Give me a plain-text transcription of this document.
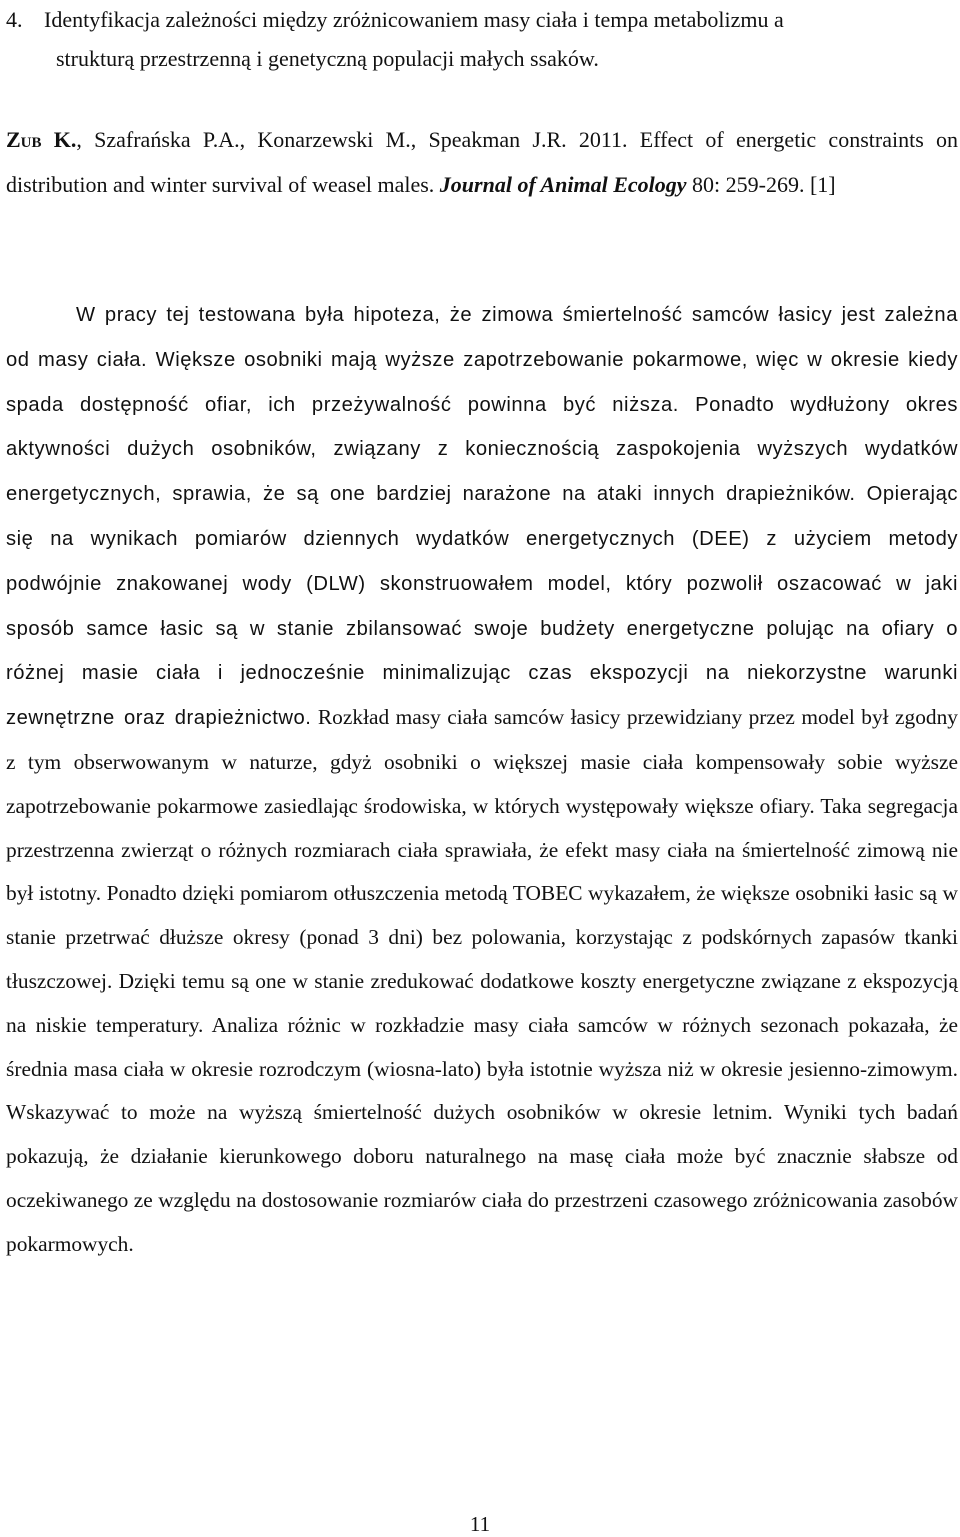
4. Identyfikacja zależności między zróżnicowaniem masy ciała i tempa metabolizmu a
strukturą przestrzenną i genetyczną populacji małych ssaków.

Zub K., Szafrańska P.A., Konarzewski M., Speakman J.R. 2011. Effect of energetic constraints on distribution and winter survival of weasel males. Journal of Animal Ecology 80: 259-269. [1]

W pracy tej testowana była hipoteza, że zimowa śmiertelność samców łasicy jest zależna od masy ciała. Większe osobniki mają wyższe zapotrzebowanie pokarmowe, więc w okresie kiedy spada dostępność ofiar, ich przeżywalność powinna być niższa. Ponadto wydłużony okres aktywności dużych osobników, związany z koniecznością zaspokojenia wyższych wydatków energetycznych, sprawia, że są one bardziej narażone na ataki innych drapieżników. Opierając się na wynikach pomiarów dziennych wydatków energetycznych (DEE) z użyciem metody podwójnie znakowanej wody (DLW) skonstruowałem model, który pozwolił oszacować w jaki sposób samce łasic są w stanie zbilansować swoje budżety energetyczne polując na ofiary o różnej masie ciała i jednocześnie minimalizując czas ekspozycji na niekorzystne warunki zewnętrzne oraz drapieżnictwo. Rozkład masy ciała samców łasicy przewidziany przez model był zgodny z tym obserwowanym w naturze, gdyż osobniki o większej masie ciała kompensowały sobie wyższe zapotrzebowanie pokarmowe zasiedlając środowiska, w których występowały większe ofiary. Taka segregacja przestrzenna zwierząt o różnych rozmiarach ciała sprawiała, że efekt masy ciała na śmiertelność zimową nie był istotny. Ponadto dzięki pomiarom otłuszczenia metodą TOBEC wykazałem, że większe osobniki łasic są w stanie przetrwać dłuższe okresy (ponad 3 dni) bez polowania, korzystając z podskórnych zapasów tkanki tłuszczowej. Dzięki temu są one w stanie zredukować dodatkowe koszty energetyczne związane z ekspozycją na niskie temperatury. Analiza różnic w rozkładzie masy ciała samców w różnych sezonach pokazała, że średnia masa ciała w okresie rozrodczym (wiosna-lato) była istotnie wyższa niż w okresie jesienno-zimowym. Wskazywać to może na wyższą śmiertelność dużych osobników w okresie letnim. Wyniki tych badań pokazują, że działanie kierunkowego doboru naturalnego na masę ciała może być znacznie słabsze od oczekiwanego ze względu na dostosowanie rozmiarów ciała do przestrzeni czasowego zróżnicowania zasobów pokarmowych.

11
